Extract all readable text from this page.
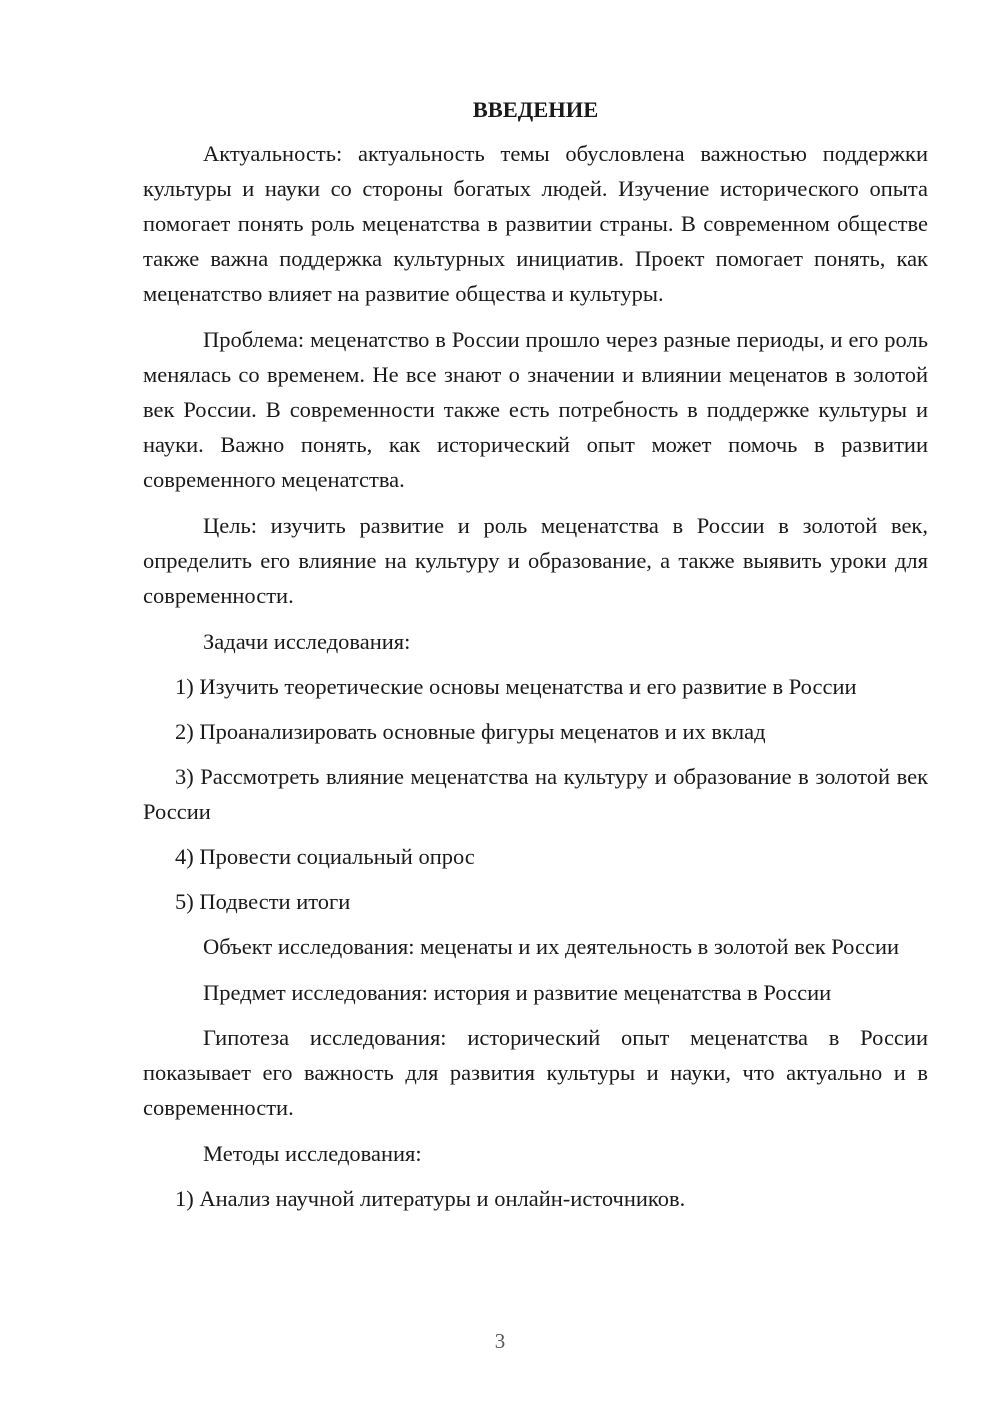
ВВЕДЕНИЕ

Актуальность: актуальность темы обусловлена важностью поддержки культуры и науки со стороны богатых людей. Изучение исторического опыта помогает понять роль меценатства в развитии страны. В современном обществе также важна поддержка культурных инициатив. Проект помогает понять, как меценатство влияет на развитие общества и культуры.

Проблема: меценатство в России прошло через разные периоды, и его роль менялась со временем. Не все знают о значении и влиянии меценатов в золотой век России. В современности также есть потребность в поддержке культуры и науки. Важно понять, как исторический опыт может помочь в развитии современного меценатства.

Цель: изучить развитие и роль меценатства в России в золотой век, определить его влияние на культуру и образование, а также выявить уроки для современности.

Задачи исследования:

1) Изучить теоретические основы меценатства и его развитие в России

2) Проанализировать основные фигуры меценатов и их вклад

3) Рассмотреть влияние меценатства на культуру и образование в золотой век России

4) Провести социальный опрос

5) Подвести итоги

Объект исследования: меценаты и их деятельность в золотой век России

Предмет исследования: история и развитие меценатства в России

Гипотеза исследования: исторический опыт меценатства в России показывает его важность для развития культуры и науки, что актуально и в современности.

Методы исследования:

1) Анализ научной литературы и онлайн-источников.

3
